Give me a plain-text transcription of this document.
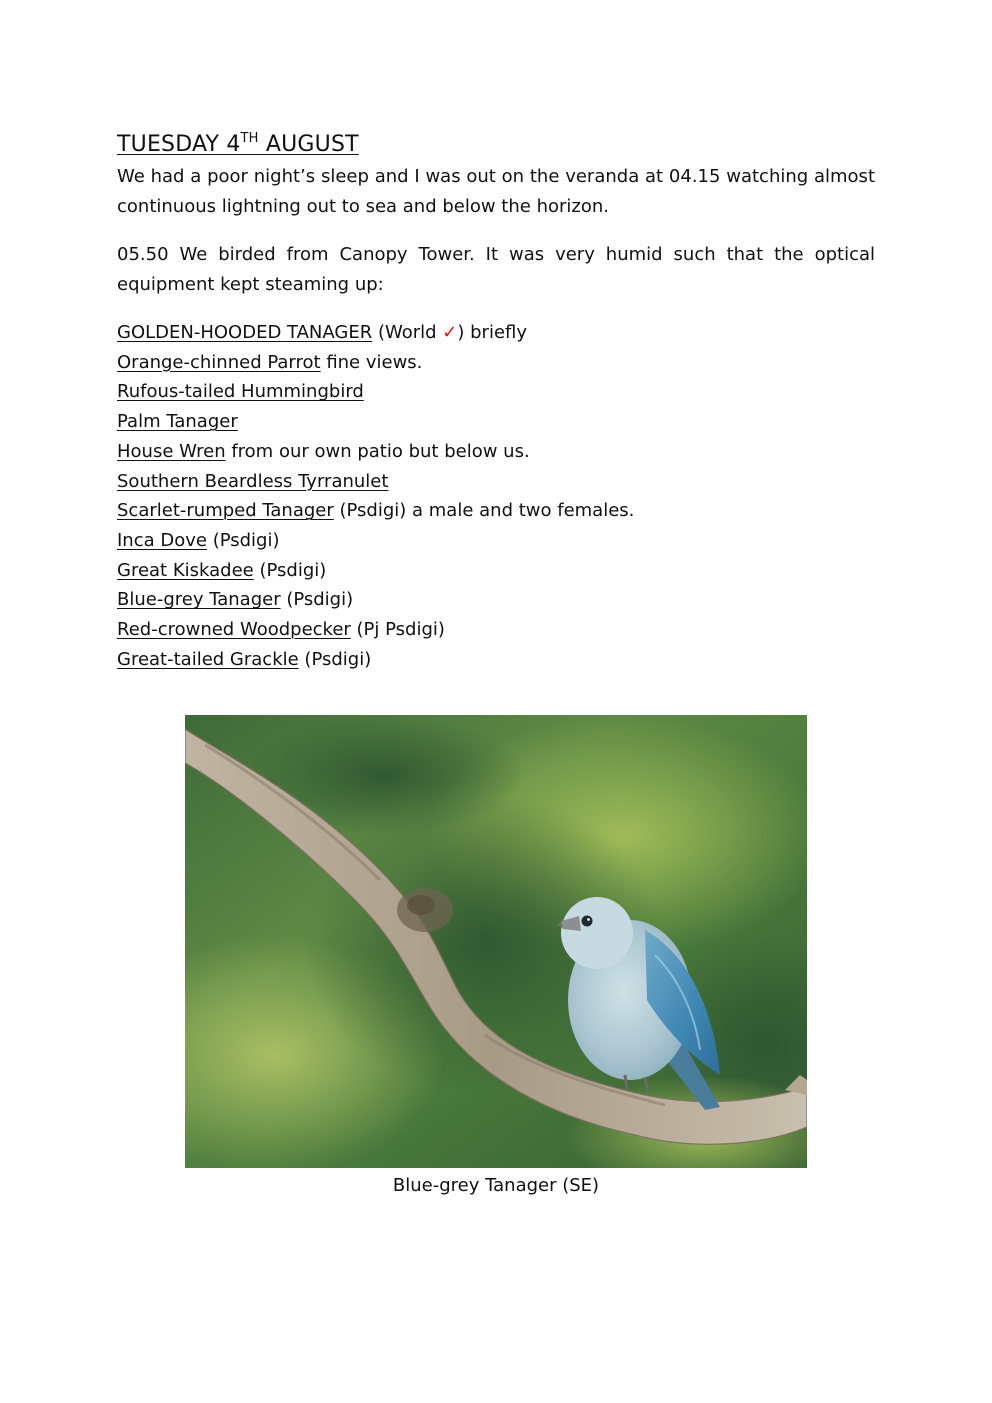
TUESDAY 4TH AUGUST

We had a poor night’s sleep and I was out on the veranda at 04.15 watching almost continuous lightning out to sea and below the horizon.

05.50 We birded from Canopy Tower. It was very humid such that the optical equipment kept steaming up:

GOLDEN-HOODED TANAGER (World ✓) briefly
Orange-chinned Parrot fine views.
Rufous-tailed Hummingbird
Palm Tanager
House Wren from our own patio but below us.
Southern Beardless Tyrranulet
Scarlet-rumped Tanager (Psdigi) a male and two females.
Inca Dove (Psdigi)
Great Kiskadee (Psdigi)
Blue-grey Tanager (Psdigi)
Red-crowned Woodpecker (Pj Psdigi)
Great-tailed Grackle (Psdigi)
Blue-grey Tanager (SE)
